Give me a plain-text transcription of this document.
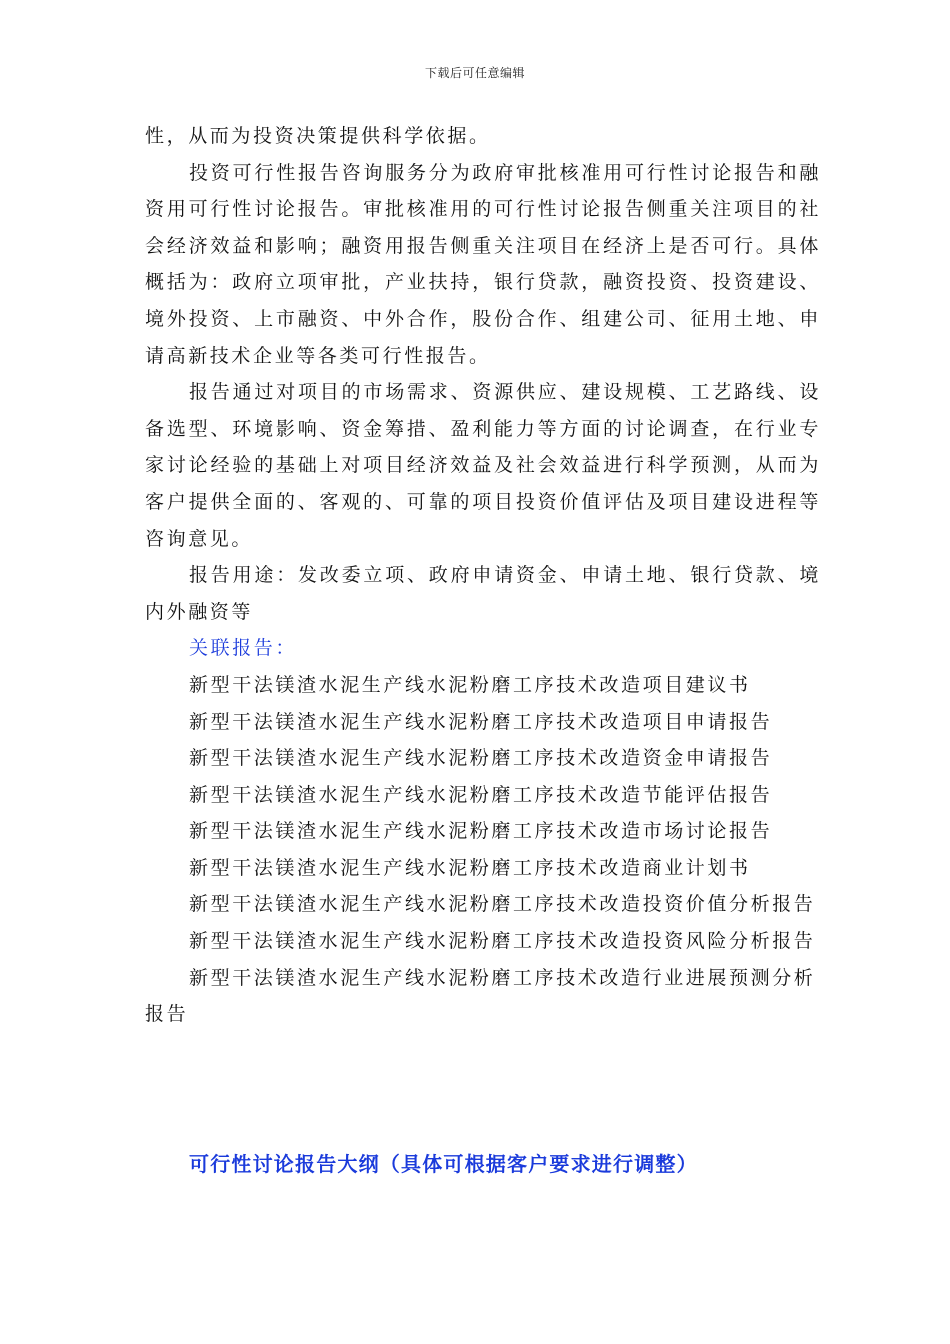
下载后可任意编辑

性，从而为投资决策提供科学依据。

投资可行性报告咨询服务分为政府审批核准用可行性讨论报告和融资用可行性讨论报告。审批核准用的可行性讨论报告侧重关注项目的社会经济效益和影响；融资用报告侧重关注项目在经济上是否可行。具体概括为：政府立项审批，产业扶持，银行贷款，融资投资、投资建设、境外投资、上市融资、中外合作，股份合作、组建公司、征用土地、申请高新技术企业等各类可行性报告。

报告通过对项目的市场需求、资源供应、建设规模、工艺路线、设备选型、环境影响、资金筹措、盈利能力等方面的讨论调查，在行业专家讨论经验的基础上对项目经济效益及社会效益进行科学预测，从而为客户提供全面的、客观的、可靠的项目投资价值评估及项目建设进程等咨询意见。

报告用途：发改委立项、政府申请资金、申请土地、银行贷款、境内外融资等

关联报告：

新型干法镁渣水泥生产线水泥粉磨工序技术改造项目建议书
新型干法镁渣水泥生产线水泥粉磨工序技术改造项目申请报告
新型干法镁渣水泥生产线水泥粉磨工序技术改造资金申请报告
新型干法镁渣水泥生产线水泥粉磨工序技术改造节能评估报告
新型干法镁渣水泥生产线水泥粉磨工序技术改造市场讨论报告
新型干法镁渣水泥生产线水泥粉磨工序技术改造商业计划书
新型干法镁渣水泥生产线水泥粉磨工序技术改造投资价值分析报告
新型干法镁渣水泥生产线水泥粉磨工序技术改造投资风险分析报告
新型干法镁渣水泥生产线水泥粉磨工序技术改造行业进展预测分析报告
可行性讨论报告大纲（具体可根据客户要求进行调整）
